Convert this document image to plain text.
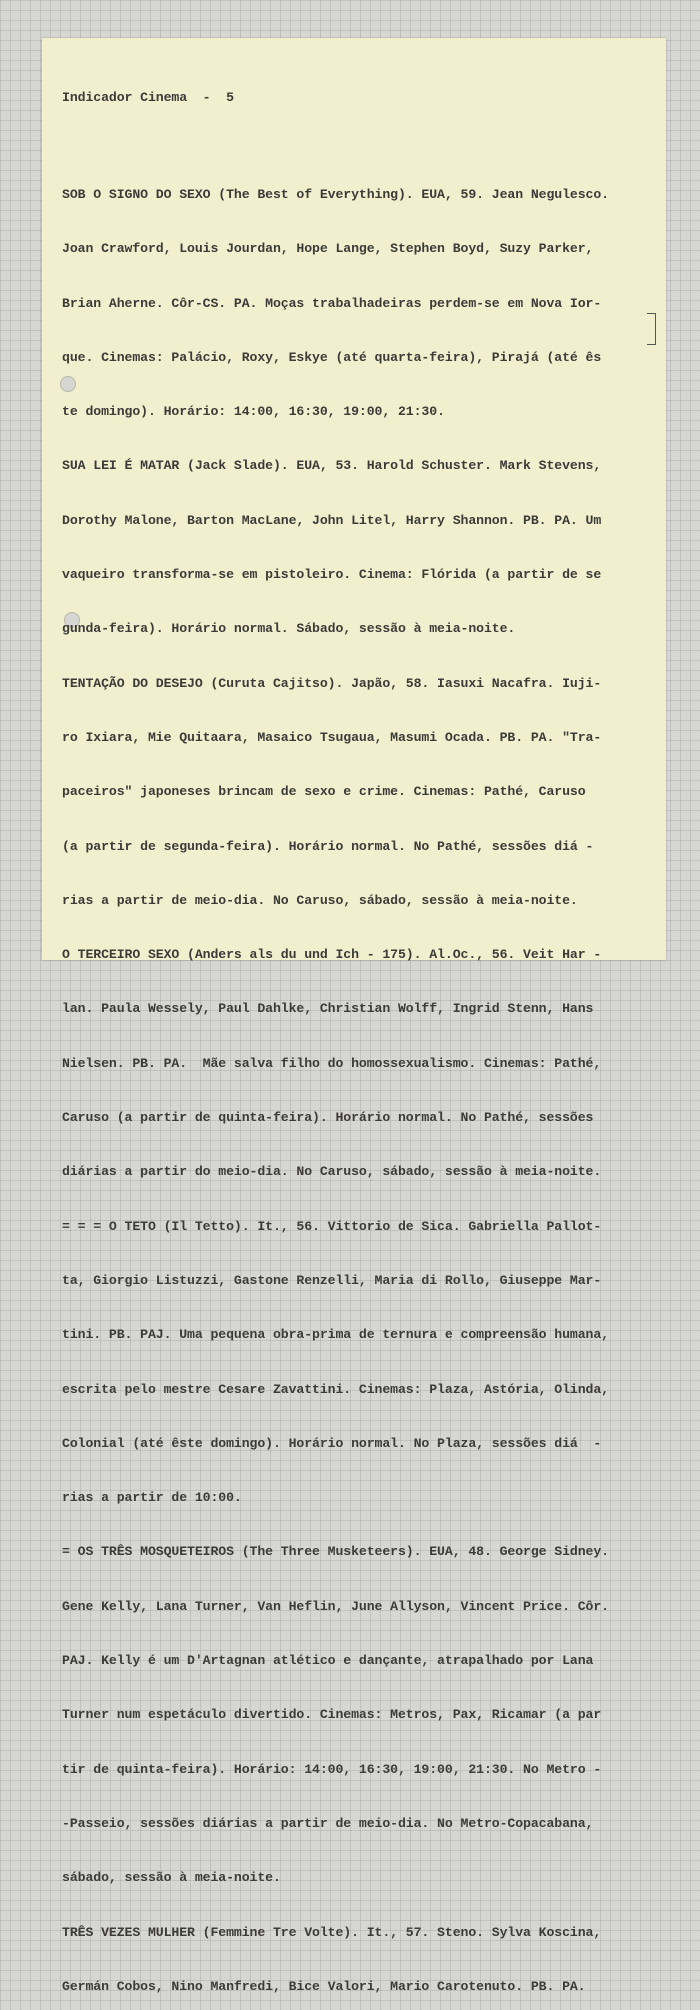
Indicador Cinema  -  5

SOB O SIGNO DO SEXO (The Best of Everything). EUA, 59. Jean Negulesco.

Joan Crawford, Louis Jourdan, Hope Lange, Stephen Boyd, Suzy Parker,

Brian Aherne. Côr-CS. PA. Moças trabalhadeiras perdem-se em Nova Ior-

que. Cinemas: Palácio, Roxy, Eskye (até quarta-feira), Pirajá (até ês

te domingo). Horário: 14:00, 16:30, 19:00, 21:30.

SUA LEI É MATAR (Jack Slade). EUA, 53. Harold Schuster. Mark Stevens,

Dorothy Malone, Barton MacLane, John Litel, Harry Shannon. PB. PA. Um

vaqueiro transforma-se em pistoleiro. Cinema: Flórida (a partir de se

gunda-feira). Horário normal. Sábado, sessão à meia-noite.

TENTAÇÃO DO DESEJO (Curuta Cajitso). Japão, 58. Iasuxi Nacafra. Iuji-

ro Ixiara, Mie Quitaara, Masaico Tsugaua, Masumi Ocada. PB. PA. "Tra-

paceiros" japoneses brincam de sexo e crime. Cinemas: Pathé, Caruso

(a partir de segunda-feira). Horário normal. No Pathé, sessões diá -

rias a partir de meio-dia. No Caruso, sábado, sessão à meia-noite.

O TERCEIRO SEXO (Anders als du und Ich - 175). Al.Oc., 56. Veit Har -

lan. Paula Wessely, Paul Dahlke, Christian Wolff, Ingrid Stenn, Hans

Nielsen. PB. PA.  Mãe salva filho do homossexualismo. Cinemas: Pathé,

Caruso (a partir de quinta-feira). Horário normal. No Pathé, sessões

diárias a partir do meio-dia. No Caruso, sábado, sessão à meia-noite.

= = = O TETO (Il Tetto). It., 56. Vittorio de Sica. Gabriella Pallot-

ta, Giorgio Listuzzi, Gastone Renzelli, Maria di Rollo, Giuseppe Mar-

tini. PB. PAJ. Uma pequena obra-prima de ternura e compreensão humana,

escrita pelo mestre Cesare Zavattini. Cinemas: Plaza, Astória, Olinda,

Colonial (até êste domingo). Horário normal. No Plaza, sessões diá  -

rias a partir de 10:00.

= OS TRÊS MOSQUETEIROS (The Three Musketeers). EUA, 48. George Sidney.

Gene Kelly, Lana Turner, Van Heflin, June Allyson, Vincent Price. Côr.

PAJ. Kelly é um D'Artagnan atlético e dançante, atrapalhado por Lana

Turner num espetáculo divertido. Cinemas: Metros, Pax, Ricamar (a par

tir de quinta-feira). Horário: 14:00, 16:30, 19:00, 21:30. No Metro -

-Passeio, sessões diárias a partir de meio-dia. No Metro-Copacabana,

sábado, sessão à meia-noite.

TRÊS VEZES MULHER (Femmine Tre Volte). It., 57. Steno. Sylva Koscina,

Germán Cobos, Nino Manfredi, Bice Valori, Mario Carotenuto. PB. PA.
